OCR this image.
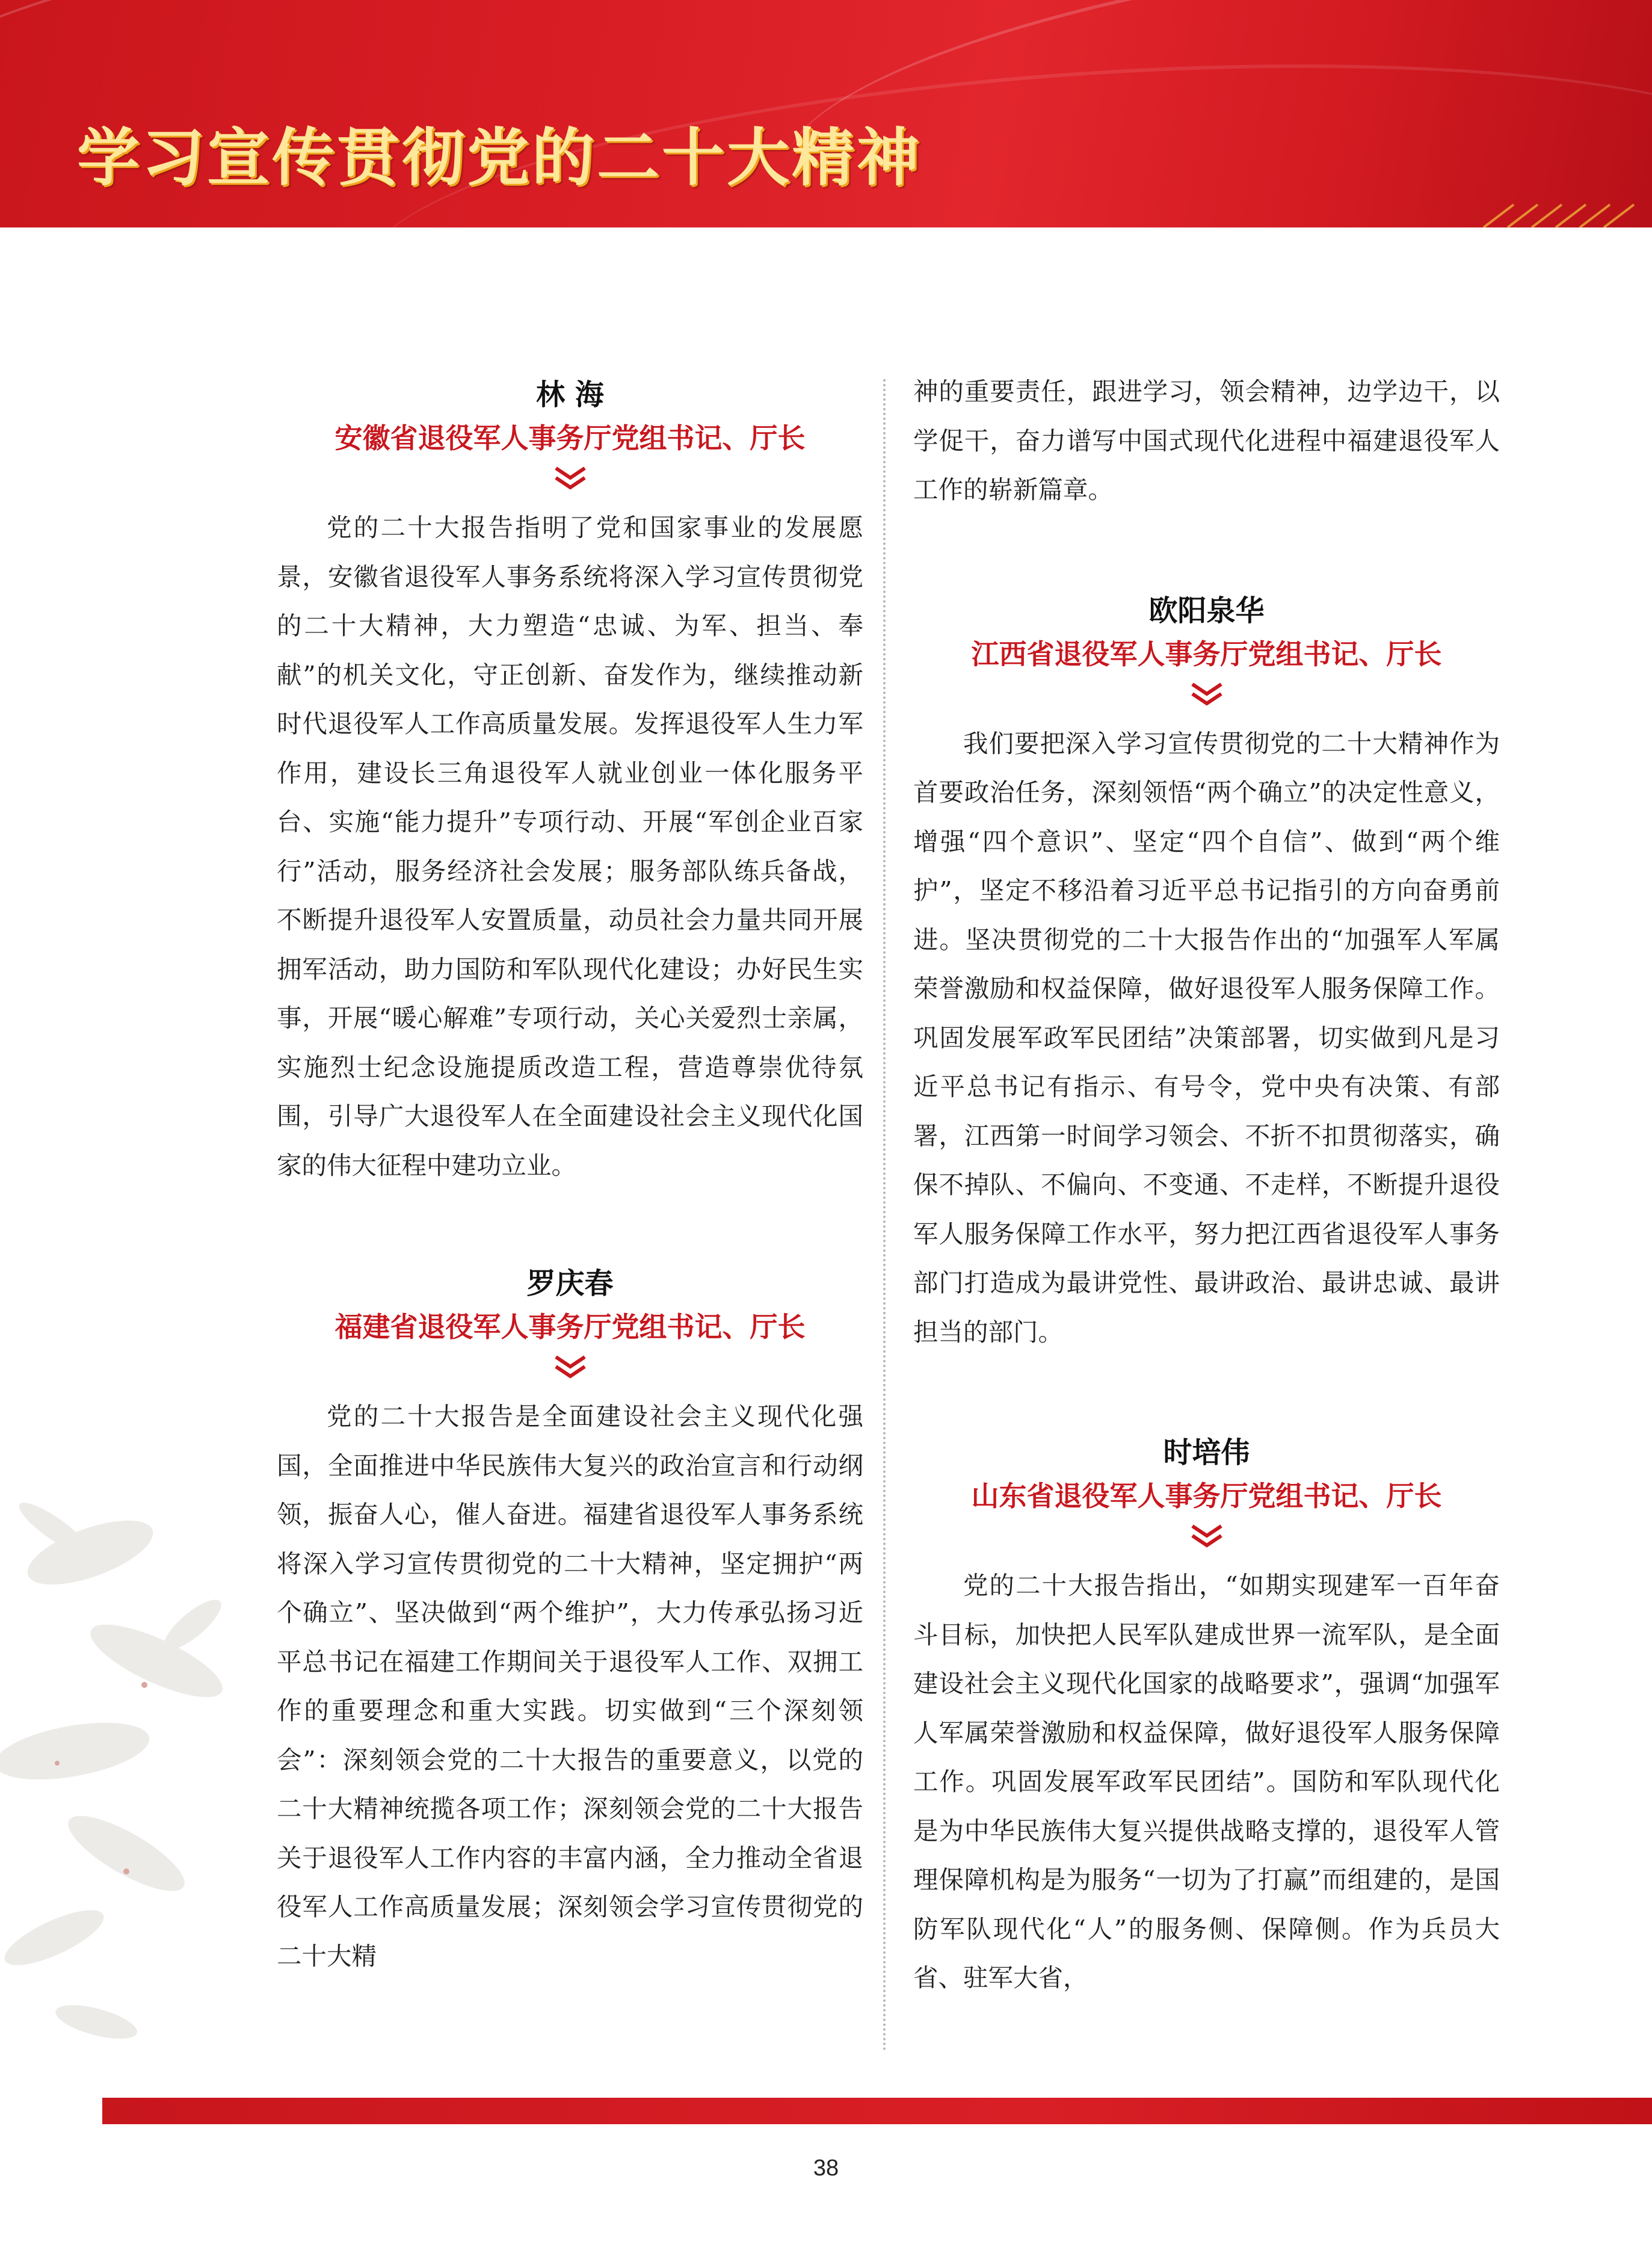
学习宣传贯彻党的二十大精神
林 海
安徽省退役军人事务厅党组书记、厅长

党的二十大报告指明了党和国家事业的发展愿景，安徽省退役军人事务系统将深入学习宣传贯彻党的二十大精神，大力塑造“忠诚、为军、担当、奉献”的机关文化，守正创新、奋发作为，继续推动新时代退役军人工作高质量发展。发挥退役军人生力军作用，建设长三角退役军人就业创业一体化服务平台、实施“能力提升”专项行动、开展“军创企业百家行”活动，服务经济社会发展；服务部队练兵备战，不断提升退役军人安置质量，动员社会力量共同开展拥军活动，助力国防和军队现代化建设；办好民生实事，开展“暖心解难”专项行动，关心关爱烈士亲属，实施烈士纪念设施提质改造工程，营造尊崇优待氛围，引导广大退役军人在全面建设社会主义现代化国家的伟大征程中建功立业。

罗庆春
福建省退役军人事务厅党组书记、厅长

党的二十大报告是全面建设社会主义现代化强国，全面推进中华民族伟大复兴的政治宣言和行动纲领，振奋人心，催人奋进。福建省退役军人事务系统将深入学习宣传贯彻党的二十大精神，坚定拥护“两个确立”、坚决做到“两个维护”，大力传承弘扬习近平总书记在福建工作期间关于退役军人工作、双拥工作的重要理念和重大实践。切实做到“三个深刻领会”：深刻领会党的二十大报告的重要意义，以党的二十大精神统揽各项工作；深刻领会党的二十大报告关于退役军人工作内容的丰富内涵，全力推动全省退役军人工作高质量发展；深刻领会学习宣传贯彻党的二十大精

神的重要责任，跟进学习，领会精神，边学边干，以学促干，奋力谱写中国式现代化进程中福建退役军人工作的崭新篇章。

欧阳泉华
江西省退役军人事务厅党组书记、厅长

我们要把深入学习宣传贯彻党的二十大精神作为首要政治任务，深刻领悟“两个确立”的决定性意义，增强“四个意识”、坚定“四个自信”、做到“两个维护”，坚定不移沿着习近平总书记指引的方向奋勇前进。坚决贯彻党的二十大报告作出的“加强军人军属荣誉激励和权益保障，做好退役军人服务保障工作。巩固发展军政军民团结”决策部署，切实做到凡是习近平总书记有指示、有号令，党中央有决策、有部署，江西第一时间学习领会、不折不扣贯彻落实，确保不掉队、不偏向、不变通、不走样，不断提升退役军人服务保障工作水平，努力把江西省退役军人事务部门打造成为最讲党性、最讲政治、最讲忠诚、最讲担当的部门。

时培伟
山东省退役军人事务厅党组书记、厅长

党的二十大报告指出，“如期实现建军一百年奋斗目标，加快把人民军队建成世界一流军队，是全面建设社会主义现代化国家的战略要求”，强调“加强军人军属荣誉激励和权益保障，做好退役军人服务保障工作。巩固发展军政军民团结”。国防和军队现代化是为中华民族伟大复兴提供战略支撑的，退役军人管理保障机构是为服务“一切为了打赢”而组建的，是国防军队现代化“人”的服务侧、保障侧。作为兵员大省、驻军大省，

38
